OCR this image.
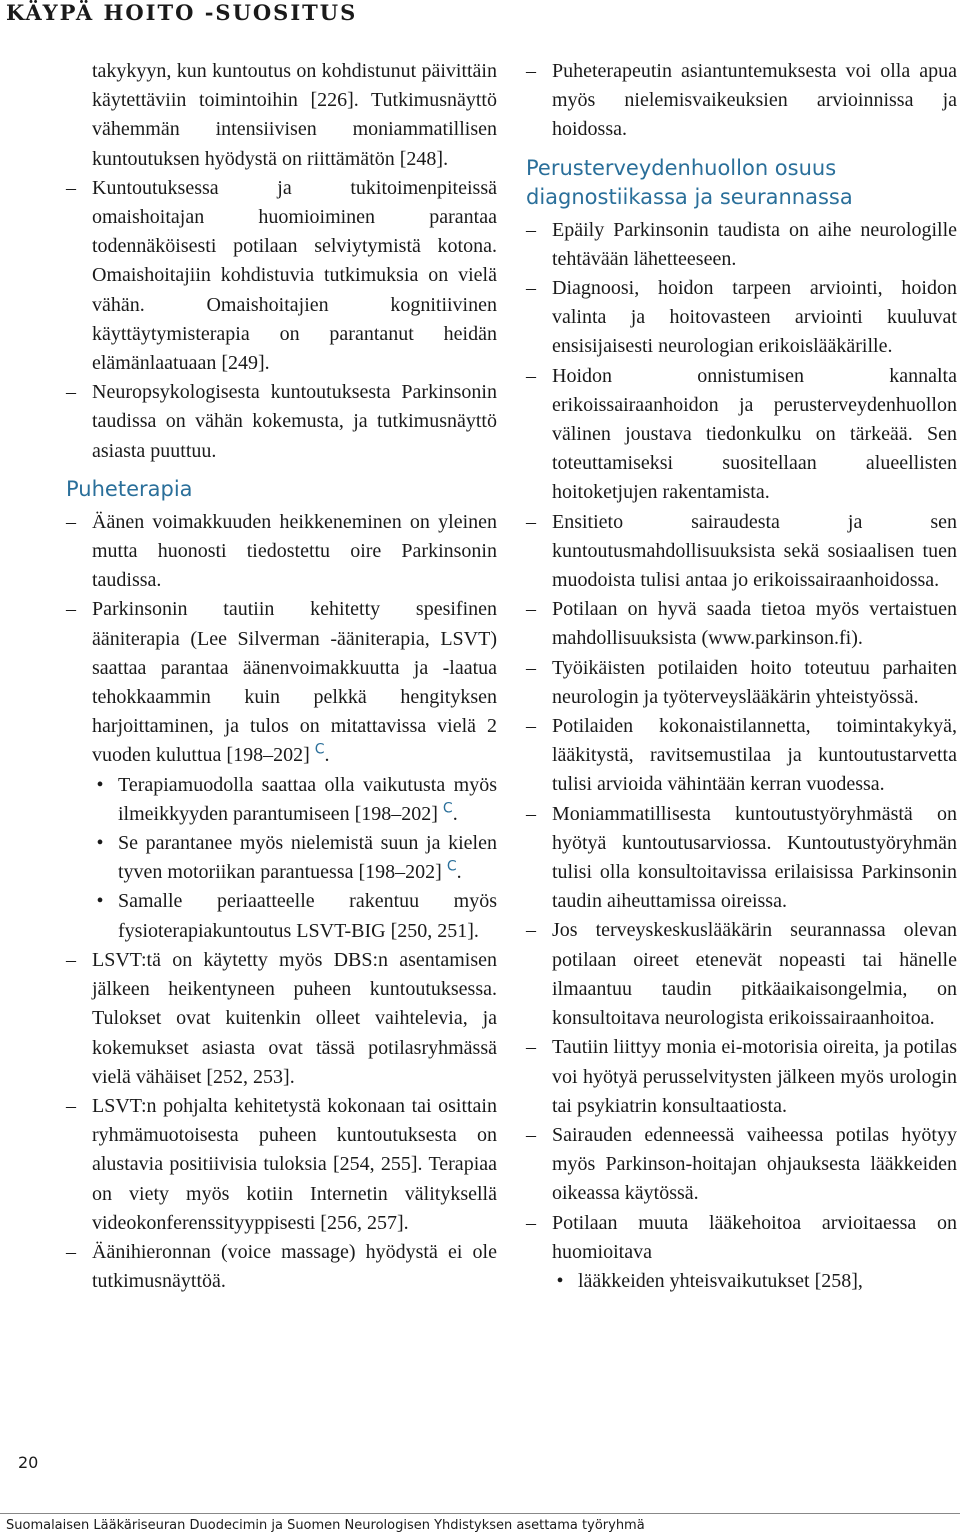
KÄYPÄ HOITO -SUOSITUS

takykyyn, kun kuntoutus on kohdistunut päivittäin käytettäviin toimintoihin [226]. Tutkimusnäyttö vähemmän intensiivisen moniammatillisen kuntoutuksen hyödystä on riittämätön [248].

– Kuntoutuksessa ja tukitoimenpiteissä omaishoitajan huomioiminen parantaa todennäköisesti potilaan selviytymistä kotona. Omaishoitajiin kohdistuvia tutkimuksia on vielä vähän. Omaishoitajien kognitiivinen käyttäytymisterapia on parantanut heidän elämänlaatuaan [249].
– Neuropsykologisesta kuntoutuksesta Parkinsonin taudissa on vähän kokemusta, ja tutkimusnäyttö asiasta puuttuu.
Puheterapia
– Äänen voimakkuuden heikkeneminen on yleinen mutta huonosti tiedostettu oire Parkinsonin taudissa.
– Parkinsonin tautiin kehitetty spesifinen ääniterapia (Lee Silverman -ääniterapia, LSVT) saattaa parantaa äänenvoimakkuutta ja -laatua tehokkaammin kuin pelkkä hengityksen harjoittaminen, ja tulos on mitattavissa vielä 2 vuoden kuluttua [198–202] $^C$.
• Terapiamuodolla saattaa olla vaikutusta myös ilmeikkyyden parantumiseen [198–202] $^C$.
• Se parantanee myös nielemistä suun ja kielen tyven motoriikan parantuessa [198–202] $^C$.
• Samalle periaatteelle rakentuu myös fysioterapiakuntoutus LSVT-BIG [250, 251].
– LSVT:tä on käytetty myös DBS:n asentamisen jälkeen heikentyneen puheen kuntoutuksessa. Tulokset ovat kuitenkin olleet vaihtelevia, ja kokemukset asiasta ovat tässä potilasryhmässä vielä vähäiset [252, 253].
– LSVT:n pohjalta kehitetystä kokonaan tai osittain ryhmämuotoisesta puheen kuntoutuksesta on alustavia positiivisia tuloksia [254, 255]. Terapiaa on viety myös kotiin Internetin välityksellä videokonferenssityyppisesti [256, 257].
– Äänihieronnan (voice massage) hyödystä ei ole tutkimusnäyttöä.
– Puheterapeutin asiantuntemuksesta voi olla apua myös nielemisvaikeuksien arvioinnissa ja hoidossa.
Perusterveydenhuollon osuus diagnostiikassa ja seurannassa
– Epäily Parkinsonin taudista on aihe neurologille tehtävään lähetteeseen.
– Diagnoosi, hoidon tarpeen arviointi, hoidon valinta ja hoitovasteen arviointi kuuluvat ensisijaisesti neurologian erikoislääkärille.
– Hoidon onnistumisen kannalta erikoissairaanhoidon ja perusterveydenhuollon välinen joustava tiedonkulku on tärkeää. Sen toteuttamiseksi suositellaan alueellisten hoitoketjujen rakentamista.
– Ensitieto sairaudesta ja sen kuntoutusmahdollisuuksista sekä sosiaalisen tuen muodoista tulisi antaa jo erikoissairaanhoidossa.
– Potilaan on hyvä saada tietoa myös vertaistuen mahdollisuuksista (www.parkinson.fi).
– Työikäisten potilaiden hoito toteutuu parhaiten neurologin ja työterveyslääkärin yhteistyössä.
– Potilaiden kokonaistilannetta, toimintakykyä, lääkitystä, ravitsemustilaa ja kuntoutustarvetta tulisi arvioida vähintään kerran vuodessa.
– Moniammatillisesta kuntoutustyöryhmästä on hyötyä kuntoutusarviossa. Kuntoutustyöryhmän tulisi olla konsultoitavissa erilaisissa Parkinsonin taudin aiheuttamissa oireissa.
– Jos terveyskeskuslääkärin seurannassa olevan potilaan oireet etenevät nopeasti tai hänelle ilmaantuu taudin pitkäaikaisongelmia, on konsultoitava neurologista erikoissairaanhoitoa.
– Tautiin liittyy monia ei-motorisia oireita, ja potilas voi hyötyä perusselvitysten jälkeen myös urologin tai psykiatrin konsultaatiosta.
– Sairauden edenneessä vaiheessa potilas hyötyy myös Parkinson-hoitajan ohjauksesta lääkkeiden oikeassa käytössä.
– Potilaan muuta lääkehoitoa arvioitaessa on huomioitava
• lääkkeiden yhteisvaikutukset [258],
20
Suomalaisen Lääkäriseuran Duodecimin ja Suomen Neurologisen Yhdistyksen asettama työryhmä
